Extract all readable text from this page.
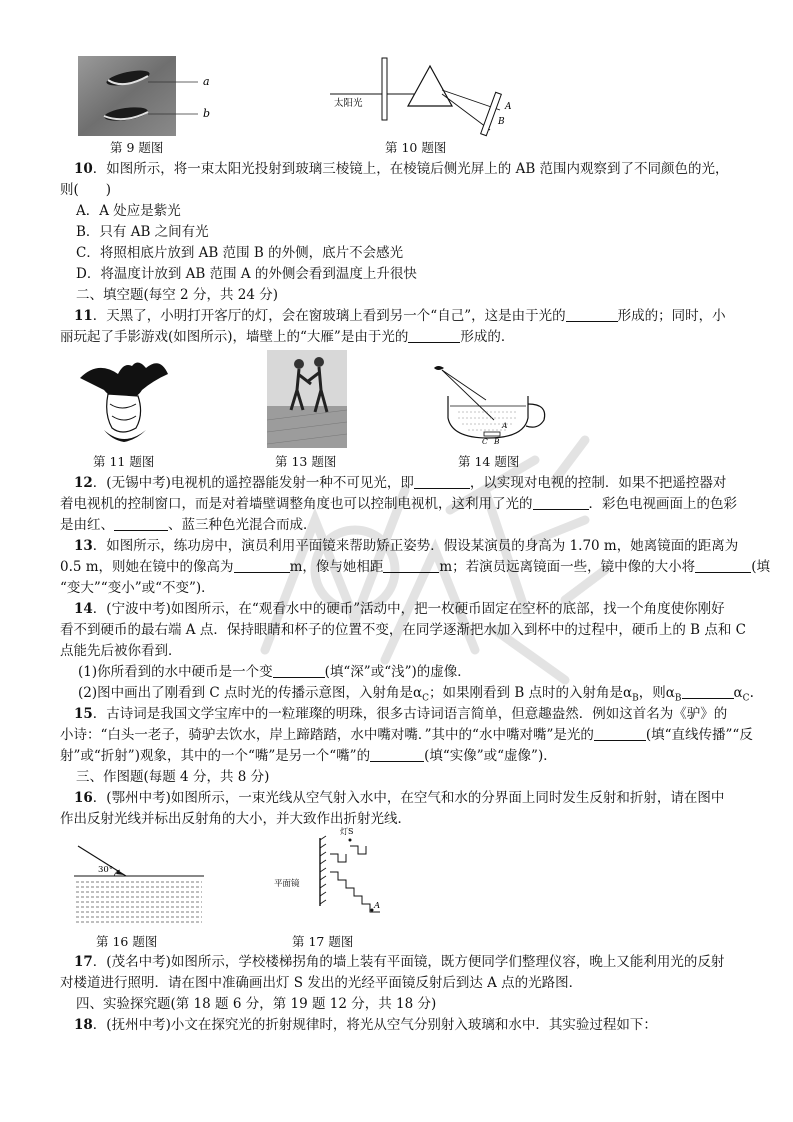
a
b
第 9 题图
太阳光	A
B
第 10 题图
10．如图所示，将一束太阳光投射到玻璃三棱镜上，在棱镜后侧光屏上的 AB 范围内观察到了不同颜色的光，
则(　　)
A．A 处应是紫光
B．只有 AB 之间有光
C．将照相底片放到 AB 范围 B 的外侧，底片不会感光
D．将温度计放到 AB 范围 A 的外侧会看到温度上升很快
二、填空题(每空 2 分，共 24 分)
11．天黑了，小明打开客厅的灯，会在窗玻璃上看到另一个“自己”，这是由于光的	形成的；同时，小
丽玩起了手影游戏(如图所示)，墙壁上的“大雁”是由于光的	形成的．
第 11 题图	第 13 题图
A
B
C
第 14 题图
12．(无锡中考)电视机的遥控器能发射一种不可见光，即	，以实现对电视的控制．如果不把遥控器对
着电视机的控制窗口，而是对着墙壁调整角度也可以控制电视机，这利用了光的	．彩色电视画面上的色彩
是由红、	、蓝三种色光混合而成．
13．如图所示，练功房中，演员利用平面镜来帮助矫正姿势．假设某演员的身高为 1.70 m，她离镜面的距离为
0.5 m，则她在镜中的像高为	m，像与她相距	m；若演员远离镜面一些，镜中像的大小将	(填
“变大”“变小”或“不变”)．
14．(宁波中考)如图所示，在“观看水中的硬币”活动中，把一枚硬币固定在空杯的底部，找一个角度使你刚好
看不到硬币的最右端 A 点．保持眼睛和杯子的位置不变，在同学逐渐把水加入到杯中的过程中，硬币上的 B 点和 C
点能先后被你看到．
(1)你所看到的水中硬币是一个变	(填“深”或“浅”)的虚像．
(2)图中画出了刚看到 C 点时光的传播示意图，入射角是$\alpha_C$；如果刚看到 B 点时的入射角是$\alpha_B$，则$\alpha_B$	$\alpha_C$.
15．古诗词是我国文学宝库中的一粒璀璨的明珠，很多古诗词语言简单，但意趣盎然．例如这首名为《驴》的
小诗：“白头一老子，骑驴去饮水，岸上蹄踏踏，水中嘴对嘴．”其中的“水中嘴对嘴”是光的	(填“直线传播”“反
射”或“折射”)观象，其中的一个“嘴”是另一个“嘴”的	(填“实像”或“虚像”)．
三、作图题(每题 4 分，共 8 分)
16．(鄂州中考)如图所示，一束光线从空气射入水中，在空气和水的分界面上同时发生反射和折射，请在图中
作出反射光线并标出反射角的大小，并大致作出折射光线．
30°
第 16 题图
灯S
平面镜
A
第 17 题图
17．(茂名中考)如图所示，学校楼梯拐角的墙上装有平面镜，既方便同学们整理仪容，晚上又能利用光的反射
对楼道进行照明．请在图中准确画出灯 S 发出的光经平面镜反射后到达 A 点的光路图．
四、实验探究题(第 18 题 6 分，第 19 题 12 分，共 18 分)
18．(抚州中考)小文在探究光的折射规律时，将光从空气分别射入玻璃和水中．其实验过程如下：
